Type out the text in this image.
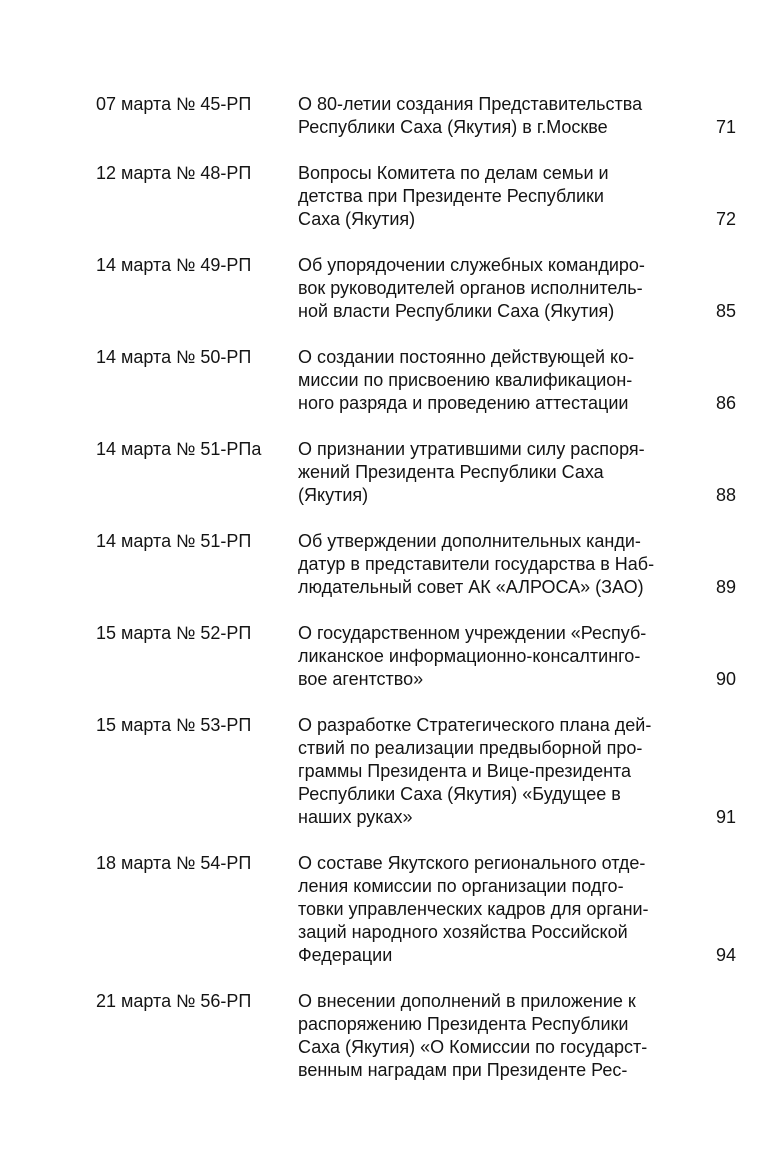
07 марта № 45-РП	О 80-летии создания Представительства
Республики Саха (Якутия) в г.Москве	71
12 марта № 48-РП	Вопросы Комитета по делам семьи и
детства при Президенте Республики
Саха (Якутия)	72
14 марта № 49-РП	Об упорядочении служебных командиро-
вок руководителей органов исполнитель-
ной власти Республики Саха (Якутия)	85
14 марта № 50-РП	О создании постоянно действующей ко-
миссии по присвоению квалификацион-
ного разряда и проведению аттестации	86
14 марта № 51-РПа	О признании утратившими силу распоря-
жений Президента Республики Саха
(Якутия)	88
14 марта № 51-РП	Об утверждении дополнительных канди-
датур в представители государства в Наб-
людательный совет АК «АЛРОСА» (ЗАО)	89
15 марта № 52-РП	О государственном учреждении «Респуб-
ликанское информационно-консалтинго-
вое агентство»	90
15 марта № 53-РП	О разработке Стратегического плана дей-
ствий по реализации предвыборной про-
граммы Президента и Вице-президента
Республики Саха (Якутия) «Будущее в
наших руках»	91
18 марта № 54-РП	О составе Якутского регионального отде-
ления комиссии по организации подго-
товки управленческих кадров для органи-
заций народного хозяйства Российской
Федерации	94
21 марта № 56-РП	О внесении дополнений в приложение к
распоряжению Президента Республики
Саха (Якутия) «О Комиссии по государст-
венным наградам при Президенте Рес-
